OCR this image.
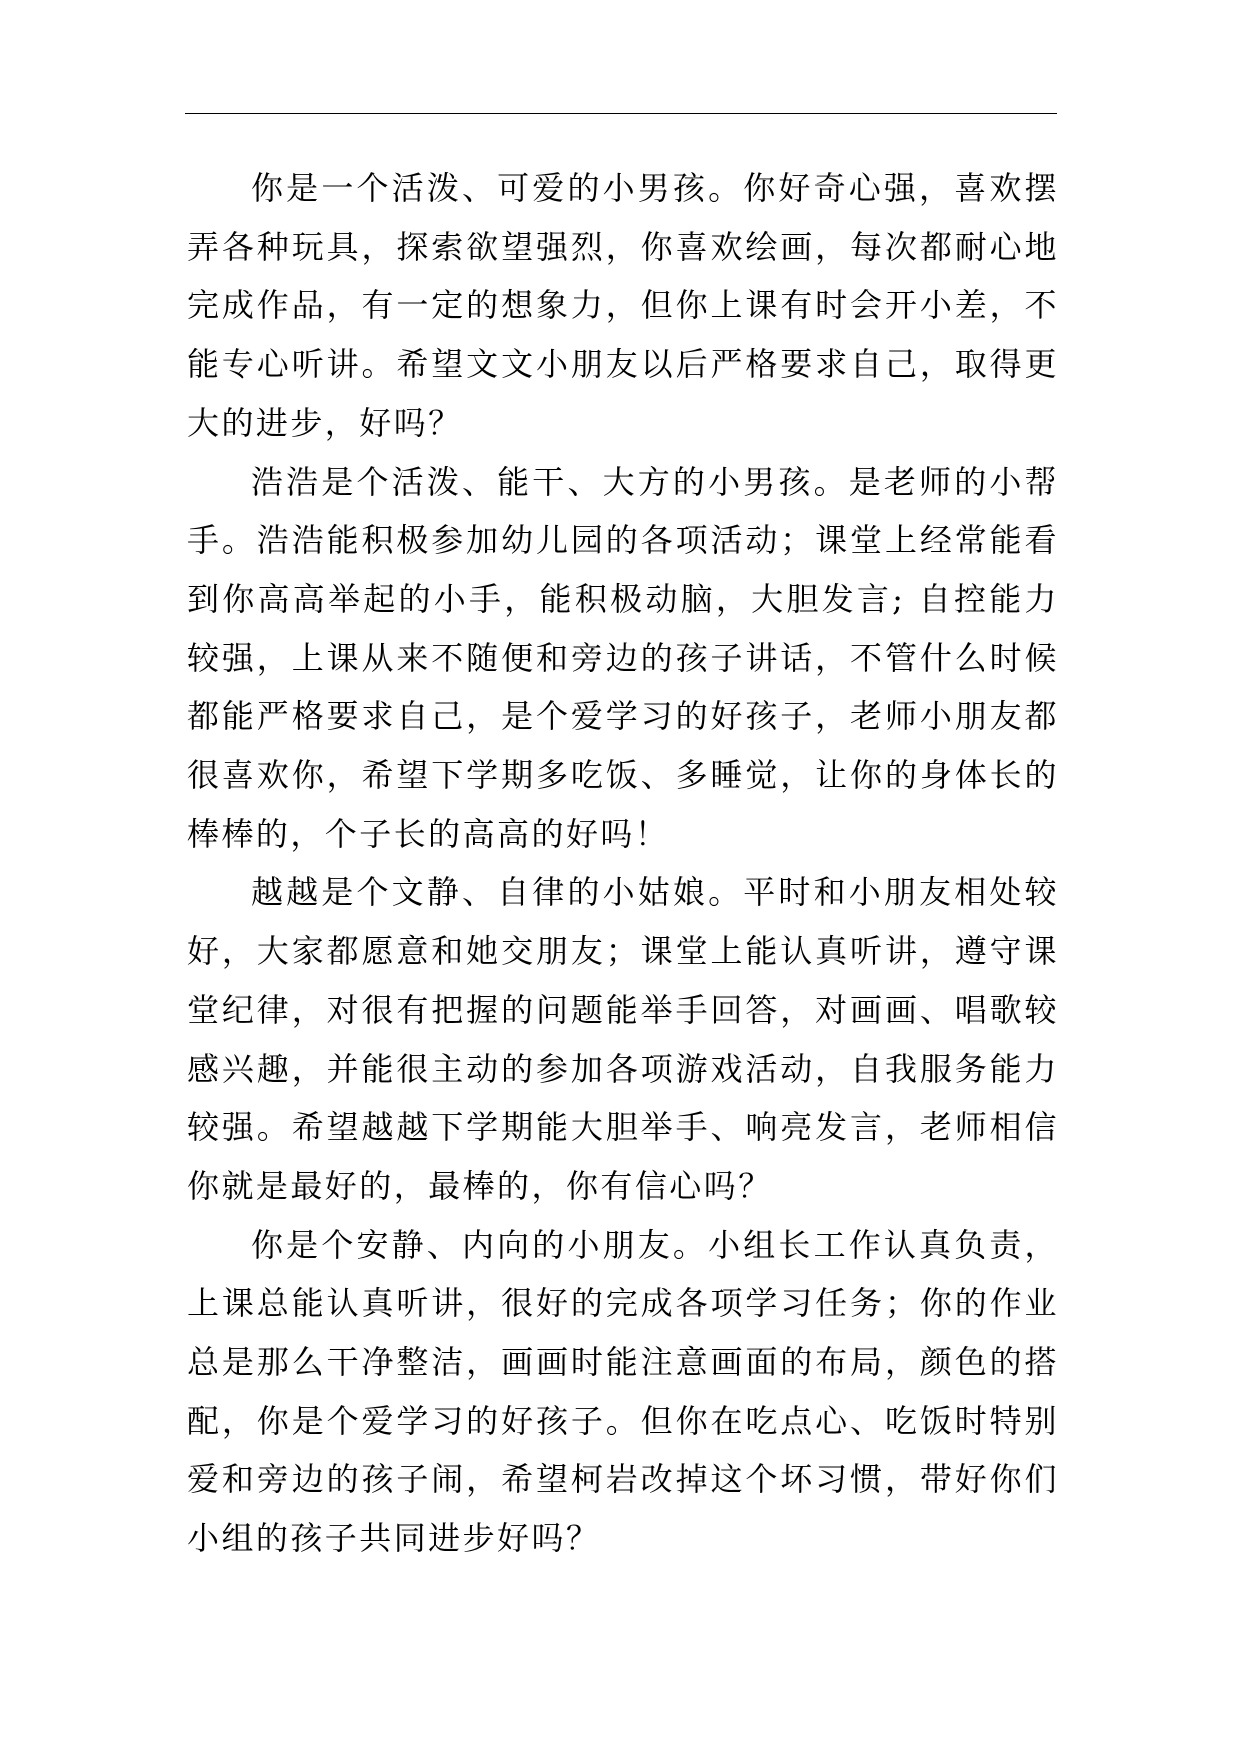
你是一个活泼、可爱的小男孩。你好奇心强，喜欢摆弄各种玩具，探索欲望强烈，你喜欢绘画，每次都耐心地完成作品，有一定的想象力，但你上课有时会开小差，不能专心听讲。希望文文小朋友以后严格要求自己，取得更大的进步，好吗？

浩浩是个活泼、能干、大方的小男孩。是老师的小帮手。浩浩能积极参加幼儿园的各项活动；课堂上经常能看到你高高举起的小手，能积极动脑，大胆发言; 自控能力较强，上课从来不随便和旁边的孩子讲话，不管什么时候都能严格要求自己，是个爱学习的好孩子，老师小朋友都很喜欢你，希望下学期多吃饭、多睡觉，让你的身体长的棒棒的，个子长的高高的好吗！

越越是个文静、自律的小姑娘。平时和小朋友相处较好，大家都愿意和她交朋友；课堂上能认真听讲，遵守课堂纪律，对很有把握的问题能举手回答，对画画、唱歌较感兴趣，并能很主动的参加各项游戏活动，自我服务能力较强。希望越越下学期能大胆举手、响亮发言，老师相信你就是最好的，最棒的，你有信心吗？

你是个安静、内向的小朋友。小组长工作认真负责，上课总能认真听讲，很好的完成各项学习任务；你的作业总是那么干净整洁，画画时能注意画面的布局，颜色的搭配，你是个爱学习的好孩子。但你在吃点心、吃饭时特别爱和旁边的孩子闹，希望柯岩改掉这个坏习惯，带好你们小组的孩子共同进步好吗？
